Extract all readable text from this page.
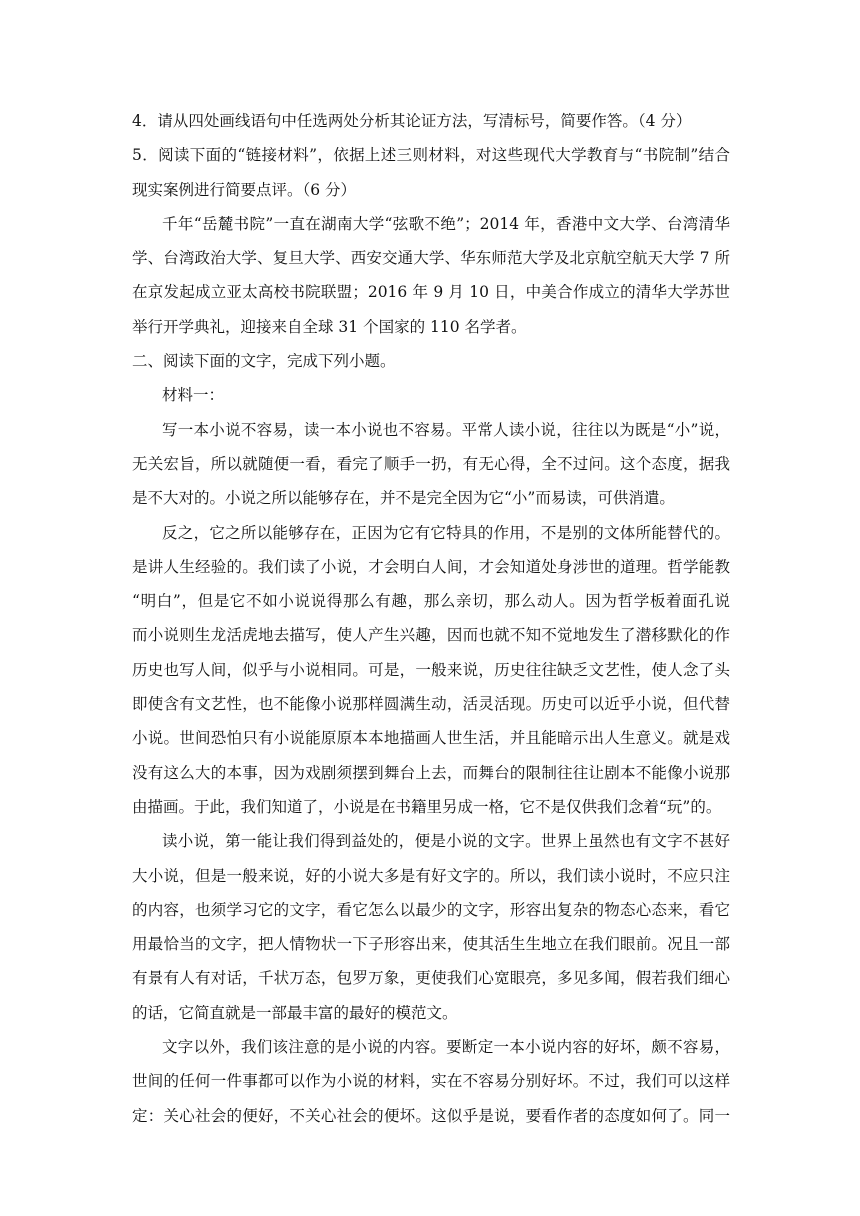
4．请从四处画线语句中任选两处分析其论证方法，写清标号，简要作答。（4 分）
5．阅读下面的“链接材料”，依据上述三则材料，对这些现代大学教育与“书院制”结合
现实案例进行简要点评。（6 分）
千年“岳麓书院”一直在湖南大学“弦歌不绝”；2014 年，香港中文大学、台湾清华
学、台湾政治大学、复旦大学、西安交通大学、华东师范大学及北京航空航天大学 7 所
在京发起成立亚太高校书院联盟；2016 年 9 月 10 日，中美合作成立的清华大学苏世
举行开学典礼，迎接来自全球 31 个国家的 110 名学者。
二、阅读下面的文字，完成下列小题。
材料一：
写一本小说不容易，读一本小说也不容易。平常人读小说，往往以为既是“小”说，
无关宏旨，所以就随便一看，看完了顺手一扔，有无心得，全不过问。这个态度，据我
是不大对的。小说之所以能够存在，并不是完全因为它“小”而易读，可供消遣。
反之，它之所以能够存在，正因为它有它特具的作用，不是别的文体所能替代的。
是讲人生经验的。我们读了小说，才会明白人间，才会知道处身涉世的道理。哲学能教
“明白”，但是它不如小说说得那么有趣，那么亲切，那么动人。因为哲学板着面孔说
而小说则生龙活虎地去描写，使人产生兴趣，因而也就不知不觉地发生了潜移默化的作
历史也写人间，似乎与小说相同。可是，一般来说，历史往往缺乏文艺性，使人念了头
即使含有文艺性，也不能像小说那样圆满生动，活灵活现。历史可以近乎小说，但代替
小说。世间恐怕只有小说能原原本本地描画人世生活，并且能暗示出人生意义。就是戏
没有这么大的本事，因为戏剧须摆到舞台上去，而舞台的限制往往让剧本不能像小说那
由描画。于此，我们知道了，小说是在书籍里另成一格，它不是仅供我们念着“玩”的。
读小说，第一能让我们得到益处的，便是小说的文字。世界上虽然也有文字不甚好
大小说，但是一般来说，好的小说大多是有好文字的。所以，我们读小说时，不应只注
的内容，也须学习它的文字，看它怎么以最少的文字，形容出复杂的物态心态来，看它
用最恰当的文字，把人情物状一下子形容出来，使其活生生地立在我们眼前。况且一部
有景有人有对话，千状万态，包罗万象，更使我们心宽眼亮，多见多闻，假若我们细心
的话，它简直就是一部最丰富的最好的模范文。
文字以外，我们该注意的是小说的内容。要断定一本小说内容的好坏，颇不容易，
世间的任何一件事都可以作为小说的材料，实在不容易分别好坏。不过，我们可以这样
定：关心社会的便好，不关心社会的便坏。这似乎是说，要看作者的态度如何了。同一
